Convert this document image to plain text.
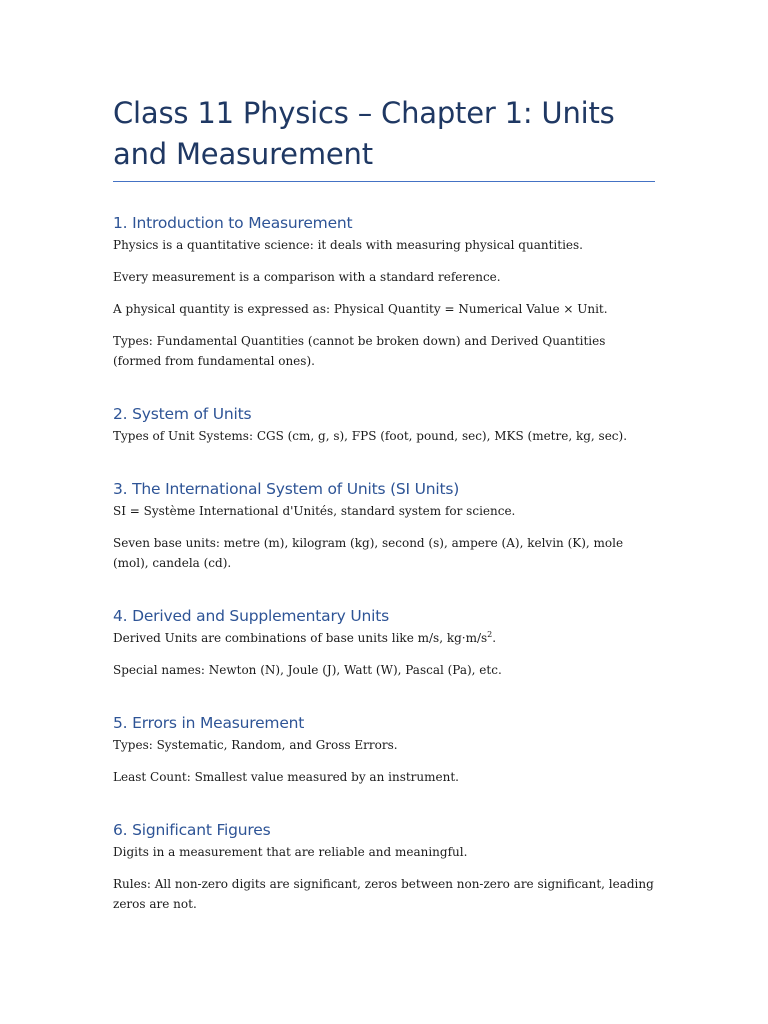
Class 11 Physics – Chapter 1: Units and Measurement
1. Introduction to Measurement

Physics is a quantitative science: it deals with measuring physical quantities.

Every measurement is a comparison with a standard reference.

A physical quantity is expressed as: Physical Quantity = Numerical Value × Unit.

Types: Fundamental Quantities (cannot be broken down) and Derived Quantities (formed from fundamental ones).

2. System of Units

Types of Unit Systems: CGS (cm, g, s), FPS (foot, pound, sec), MKS (metre, kg, sec).

3. The International System of Units (SI Units)

SI = Système International d'Unités, standard system for science.

Seven base units: metre (m), kilogram (kg), second (s), ampere (A), kelvin (K), mole (mol), candela (cd).

4. Derived and Supplementary Units

Derived Units are combinations of base units like m/s, $kg\cdot m/s^2$.

Special names: Newton (N), Joule (J), Watt (W), Pascal (Pa), etc.

5. Errors in Measurement

Types: Systematic, Random, and Gross Errors.

Least Count: Smallest value measured by an instrument.

6. Significant Figures

Digits in a measurement that are reliable and meaningful.

Rules: All non-zero digits are significant, zeros between non-zero are significant, leading zeros are not.
